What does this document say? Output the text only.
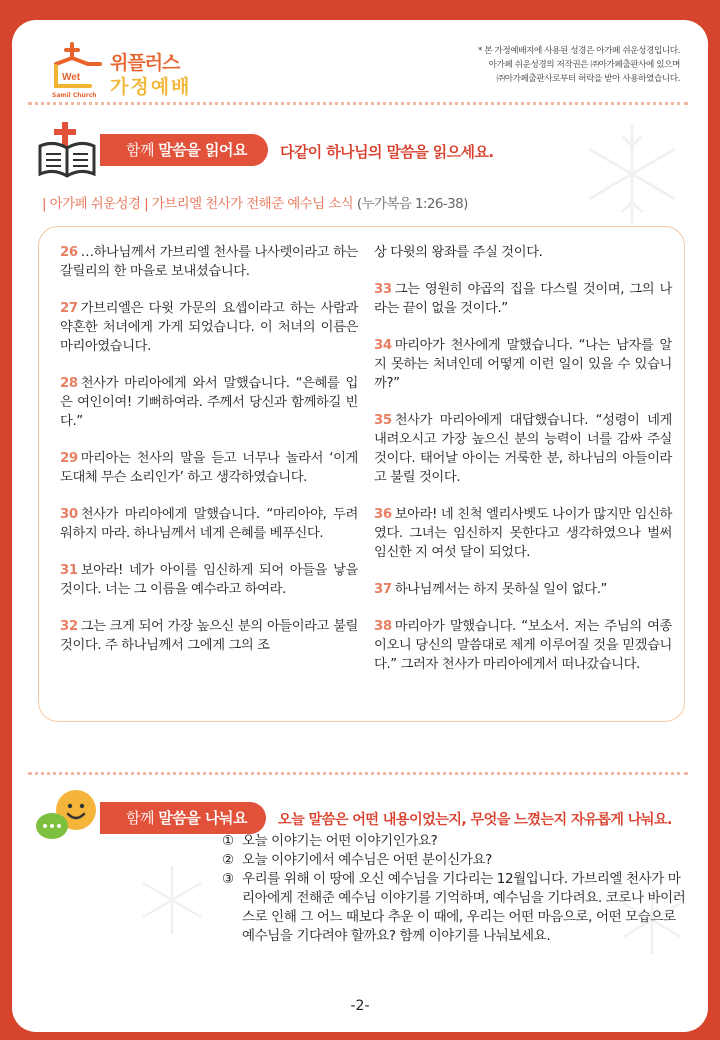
Wet
위플러스
가정예배
Samil Church
* 본 가정예배지에 사용된 성경은 아가페 쉬운성경입니다.
아가페 쉬운성경의 저작권은 ㈜아가페출판사에 있으며
㈜아가페출판사로부터 허락을 받아 사용하였습니다.
함께 말씀을 읽어요	다같이 하나님의 말씀을 읽으세요.
| 아가페 쉬운성경 | 가브리엘 천사가 전해준 예수님 소식 (누가복음 1:26-38)
26 …하나님께서 가브리엘 천사를 나사렛이라고 하는 갈릴리의 한 마을로 보내셨습니다.
27 가브리엘은 다윗 가문의 요셉이라고 하는 사람과 약혼한 처녀에게 가게 되었습니다. 이 처녀의 이름은 마리아였습니다.
28 천사가 마리아에게 와서 말했습니다. “은혜를 입은 여인이여! 기뻐하여라. 주께서 당신과 함께하길 빈다.”
29 마리아는 천사의 말을 듣고 너무나 놀라서 ‘이게 도대체 무슨 소리인가’ 하고 생각하였습니다.
30 천사가 마리아에게 말했습니다. “마리아야, 두려워하지 마라. 하나님께서 네게 은혜를 베푸신다.
31 보아라! 네가 아이를 임신하게 되어 아들을 낳을 것이다. 너는 그 이름을 예수라고 하여라.
32 그는 크게 되어 가장 높으신 분의 아들이라고 불릴 것이다. 주 하나님께서 그에게 그의 조
상 다윗의 왕좌를 주실 것이다.
33 그는 영원히 야곱의 집을 다스릴 것이며, 그의 나라는 끝이 없을 것이다.”
34 마리아가 천사에게 말했습니다. “나는 남자를 알지 못하는 처녀인데 어떻게 이런 일이 있을 수 있습니까?”
35 천사가 마리아에게 대답했습니다. “성령이 네게 내려오시고 가장 높으신 분의 능력이 너를 감싸 주실 것이다. 태어날 아이는 거룩한 분, 하나님의 아들이라고 불릴 것이다.
36 보아라! 네 친척 엘리사벳도 나이가 많지만 임신하였다. 그녀는 임신하지 못한다고 생각하였으나 벌써 임신한 지 여섯 달이 되었다.
37 하나님께서는 하지 못하실 일이 없다.”
38 마리아가 말했습니다. “보소서. 저는 주님의 여종이오니 당신의 말씀대로 제게 이루어질 것을 믿겠습니다.” 그러자 천사가 마리아에게서 떠나갔습니다.
함께 말씀을 나눠요	오늘 말씀은 어떤 내용이었는지, 무엇을 느꼈는지 자유롭게 나눠요.
① 오늘 이야기는 어떤 이야기인가요?
② 오늘 이야기에서 예수님은 어떤 분이신가요?
③ 우리를 위해 이 땅에 오신 예수님을 기다리는 12월입니다. 가브리엘 천사가 마리아에게 전해준 예수님 이야기를 기억하며, 예수님을 기다려요. 코로나 바이러스로 인해 그 어느 때보다 추운 이 때에, 우리는 어떤 마음으로, 어떤 모습으로 예수님을 기다려야 할까요? 함께 이야기를 나눠보세요.
-2-
